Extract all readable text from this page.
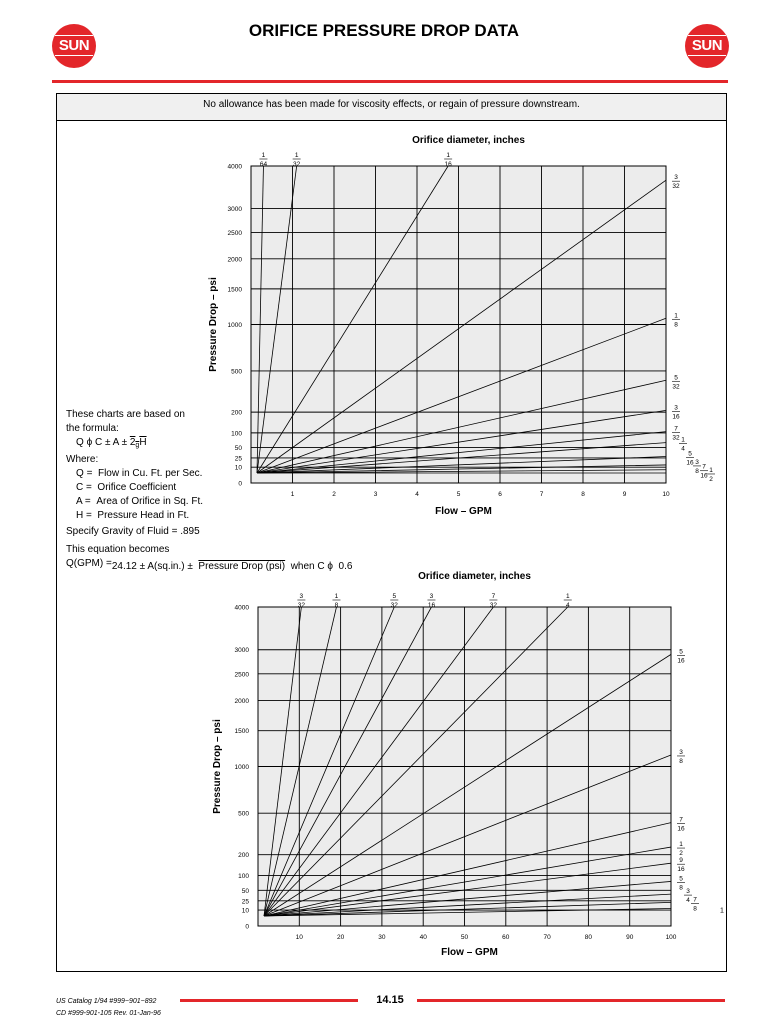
SUN	SUN
ORIFICE PRESSURE DROP DATA
No allowance has been made for viscosity effects, or regain of pressure downstream.
These charts are based on the formula:
Q ϕ $C \pm A \pm 2_gH$
Where:
Q = Flow in Cu. Ft. per Sec.
C = Orifice Coefficient
A = Area of Orifice in Sq. Ft.
H = Pressure Head in Ft.
Specify Gravity of Fluid = .895
This equation becomes
Q(GPM) =24.12 ± A(sq.in.) ± Pressure Drop (psi) when C ϕ 0.6
4000
3000
2500
2000
1500
1000
500
200
100
50
25
10
0
1	2	3	4	5	6	7	8	9	10
Orifice diameter, inches
Flow – GPM
Pressure Drop – psi
1
64
1
32
1
16
3
32
1
8
5
32
3
16
7
32 1
4
5
16 3
8
7
16
1
2
4000
3000
2500
2000
1500
1000
500
200
100
50
25
10
0
10	20	30	40	50	60	70	80	90	100
Orifice diameter, inches
Flow – GPM
Pressure Drop – psi
3
32
1
8
5
32
3
16
7
32
1
4
5
16
3
8
7
16
1
2
9
16
5
8
3
4 7
8	1
US Catalog 1/94 #999−901−892
CD #999-901-105 Rev. 01-Jan-96
14.15
